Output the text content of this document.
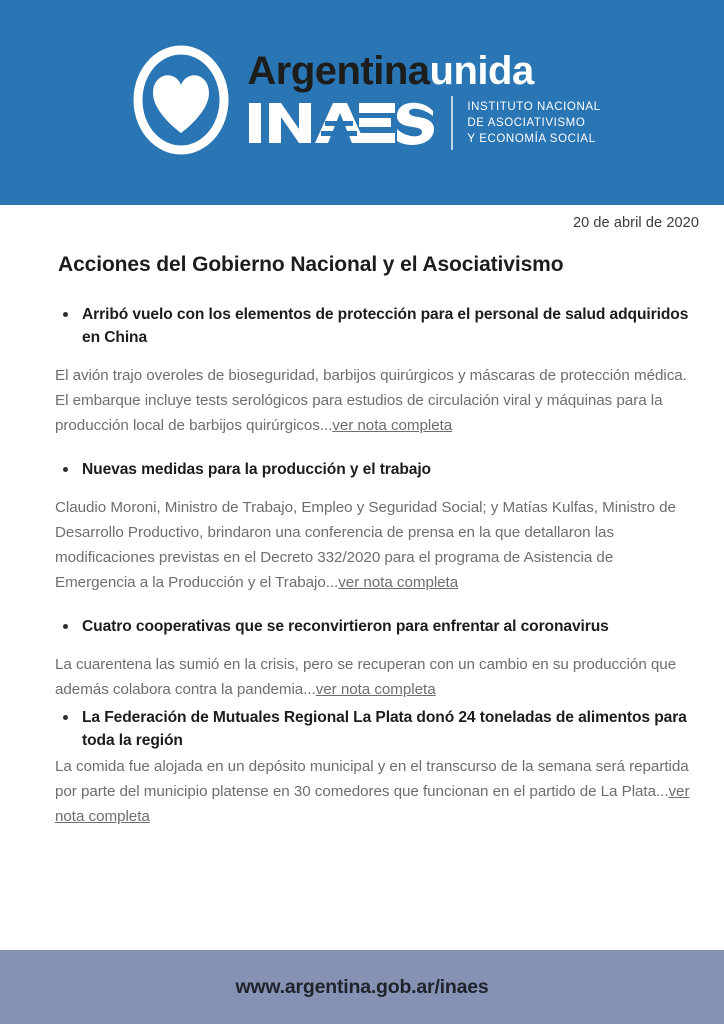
Argentinaunida
INSTITUTO NACIONAL
DE ASOCIATIVISMO
Y ECONOMÍA SOCIAL
20 de abril de 2020
Acciones del Gobierno Nacional y el Asociativismo
Arribó vuelo con los elementos de protección para el personal de salud adquiridos en China
El avión trajo overoles de bioseguridad, barbijos quirúrgicos y máscaras de protección médica. El embarque incluye tests serológicos para estudios de circulación viral y máquinas para la producción local de barbijos quirúrgicos...ver nota completa
Nuevas medidas para la producción y el trabajo
Claudio Moroni, Ministro de Trabajo, Empleo y Seguridad Social; y Matías Kulfas, Ministro de Desarrollo Productivo, brindaron una conferencia de prensa en la que detallaron las modificaciones previstas en el Decreto 332/2020 para el programa de Asistencia de Emergencia a la Producción y el Trabajo...ver nota completa
Cuatro cooperativas que se reconvirtieron para enfrentar al coronavirus
La cuarentena las sumió en la crisis, pero se recuperan con un cambio en su producción que además colabora contra la pandemia...ver nota completa
La Federación de Mutuales Regional La Plata donó 24 toneladas de alimentos para toda la región
La comida fue alojada en un depósito municipal y en el transcurso de la semana será repartida por parte del municipio platense en 30 comedores que funcionan en el partido de La Plata...ver nota completa
www.argentina.gob.ar/inaes
